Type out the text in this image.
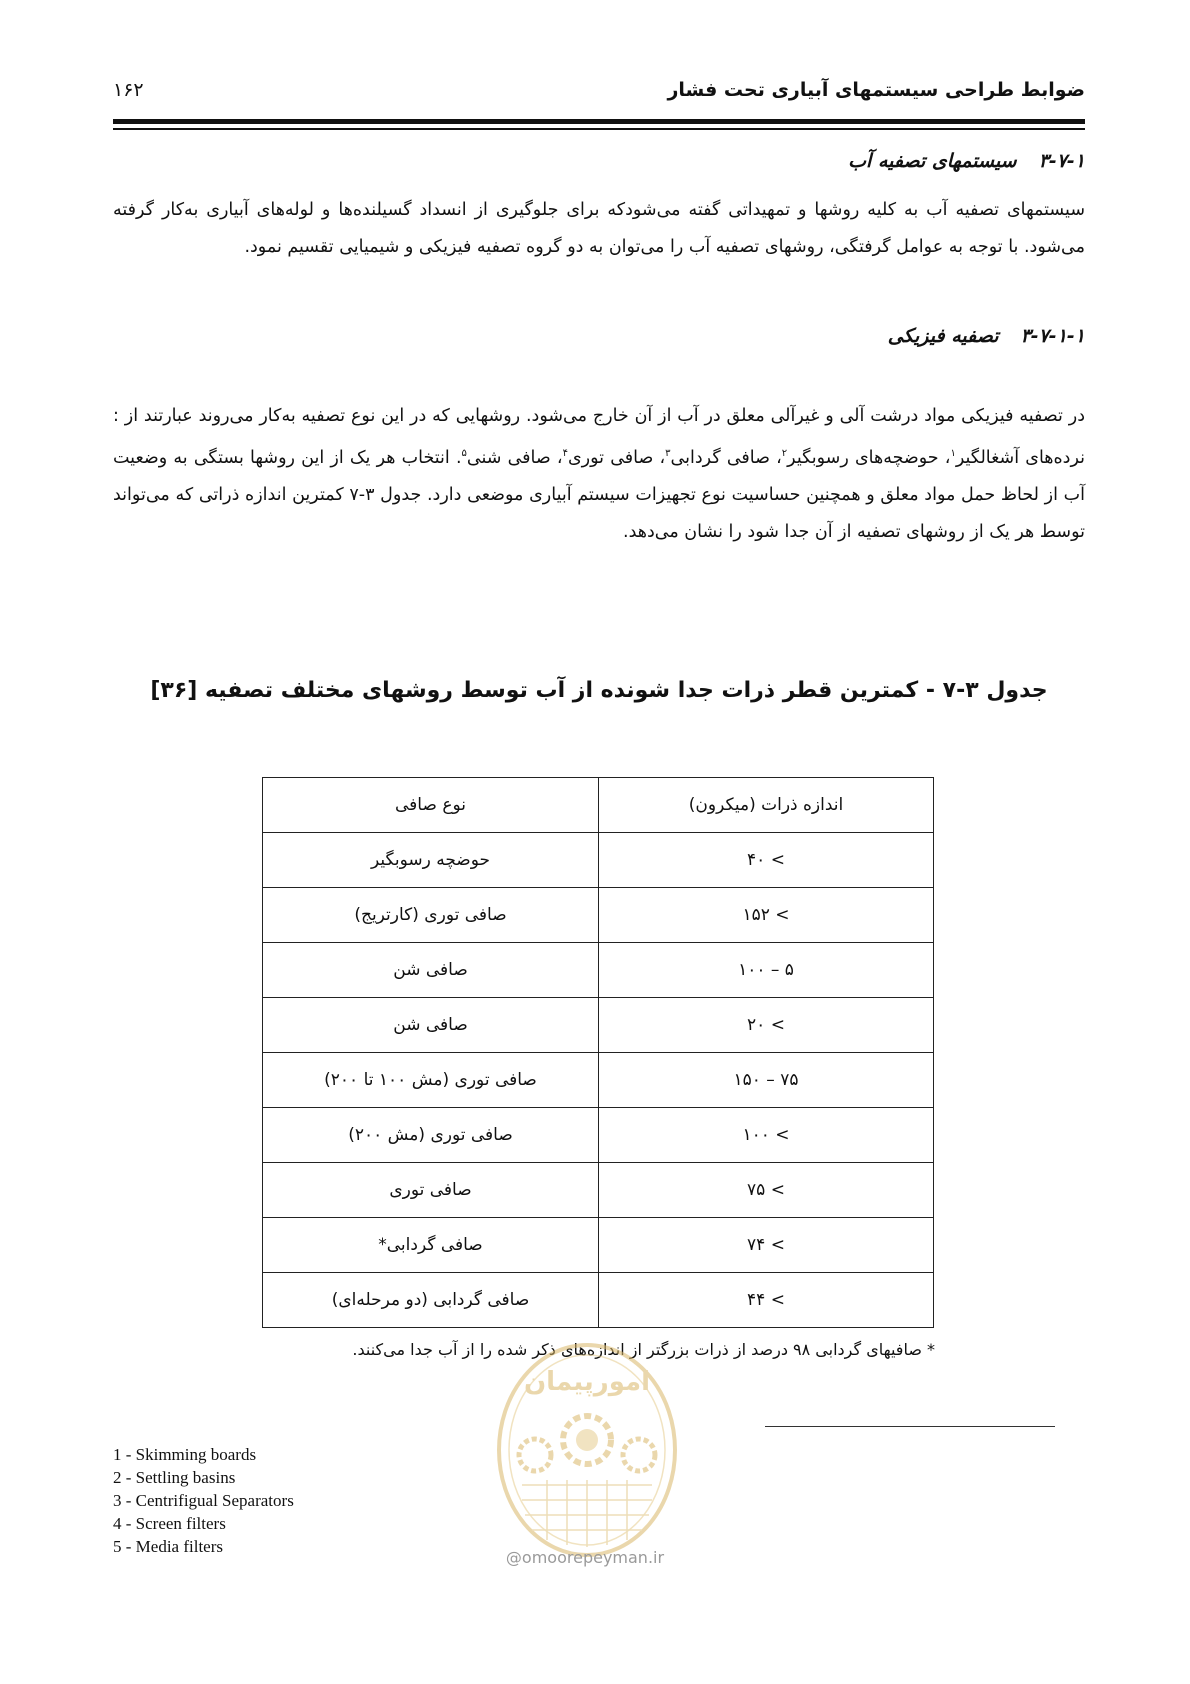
ضوابط طراحی سیستمهای آبیاری تحت فشار
۱۶۲
۳-۷-۱سیستمهای تصفیه آب
سیستمهای تصفیه آب به کلیه روشها و تمهیداتی گفته می‌شودکه برای جلوگیری از انسداد گسیلنده‌ها و لوله‌های آبیاری به‌کار گرفته می‌شود. با توجه به عوامل گرفتگی، روشهای تصفیه آب را می‌توان به دو گروه تصفیه فیزیکی و شیمیایی تقسیم نمود.
۳-۷-۱-۱تصفیه فیزیکی
در تصفیه فیزیکی مواد درشت آلی و غیرآلی معلق در آب از آن خارج می‌شود. روشهایی که در این نوع تصفیه به‌کار می‌روند عبارتند از : نرده‌های آشغالگیر$^۱$، حوضچه‌های رسوبگیر$^۲$، صافی گردابی$^۳$، صافی توری$^۴$، صافی شنی$^۵$. انتخاب هر یک از این روشها بستگی به وضعیت آب از لحاظ حمل مواد معلق و همچنین حساسیت نوع تجهیزات سیستم آبیاری موضعی دارد. جدول ۳-۷ کمترین اندازه ذراتی که می‌تواند توسط هر یک از روشهای تصفیه از آن جدا شود را نشان می‌دهد.
جدول ۳-۷ - کمترین قطر ذرات جدا شونده از آب توسط روشهای مختلف تصفیه [۳۶]
اندازه ذرات (میکرون)	نوع صافی
> ۴۰	حوضچه رسوبگیر
> ۱۵۲	صافی توری (کارتریج)
۵ – ۱۰۰	صافی شن
> ۲۰	صافی شن
۷۵ – ۱۵۰	صافی توری (مش ۱۰۰ تا ۲۰۰)
> ۱۰۰	صافی توری (مش ۲۰۰)
> ۷۵	صافی توری
> ۷۴	صافی گردابی*
> ۴۴	صافی گردابی (دو مرحله‌ای)
* صافیهای گردابی ۹۸ درصد از ذرات بزرگتر از اندازه‌های ذکر شده را از آب جدا می‌کنند.
امورپیمان
@omoorepeyman.ir
1 - Skimming boards
2 - Settling basins
3 - Centrifigual Separators
4 - Screen filters
5 - Media filters
